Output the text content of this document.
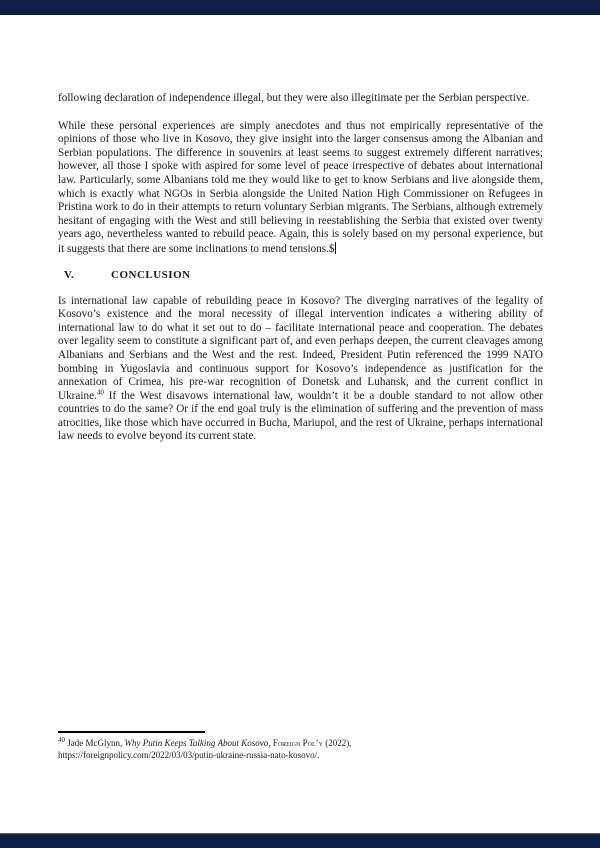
following declaration of independence illegal, but they were also illegitimate per the Serbian perspective.

While these personal experiences are simply anecdotes and thus not empirically representative of the opinions of those who live in Kosovo, they give insight into the larger consensus among the Albanian and Serbian populations. The difference in souvenirs at least seems to suggest extremely different narratives; however, all those I spoke with aspired for some level of peace irrespective of debates about international law. Particularly, some Albanians told me they would like to get to know Serbians and live alongside them, which is exactly what NGOs in Serbia alongside the United Nation High Commissioner on Refugees in Pristina work to do in their attempts to return voluntary Serbian migrants. The Serbians, although extremely hesitant of engaging with the West and still believing in reestablishing the Serbia that existed over twenty years ago, nevertheless wanted to rebuild peace. Again, this is solely based on my personal experience, but it suggests that there are some inclinations to mend tensions.$

V.	CONCLUSION

Is international law capable of rebuilding peace in Kosovo? The diverging narratives of the legality of Kosovo’s existence and the moral necessity of illegal intervention indicates a withering ability of international law to do what it set out to do – facilitate international peace and cooperation. The debates over legality seem to constitute a significant part of, and even perhaps deepen, the current cleavages among Albanians and Serbians and the West and the rest. Indeed, President Putin referenced the 1999 NATO bombing in Yugoslavia and continuous support for Kosovo’s independence as justification for the annexation of Crimea, his pre-war recognition of Donetsk and Luhansk, and the current conflict in Ukraine.$^{40}$ If the West disavows international law, wouldn’t it be a double standard to not allow other countries to do the same? Or if the end goal truly is the elimination of suffering and the prevention of mass atrocities, like those which have occurred in Bucha, Mariupol, and the rest of Ukraine, perhaps international law needs to evolve beyond its current state.

$^{40}$ Jade McGlynn, Why Putin Keeps Talking About Kosovo, Foreign Pol’y (2022),
https://foreignpolicy.com/2022/03/03/putin-ukraine-russia-nato-kosovo/.
